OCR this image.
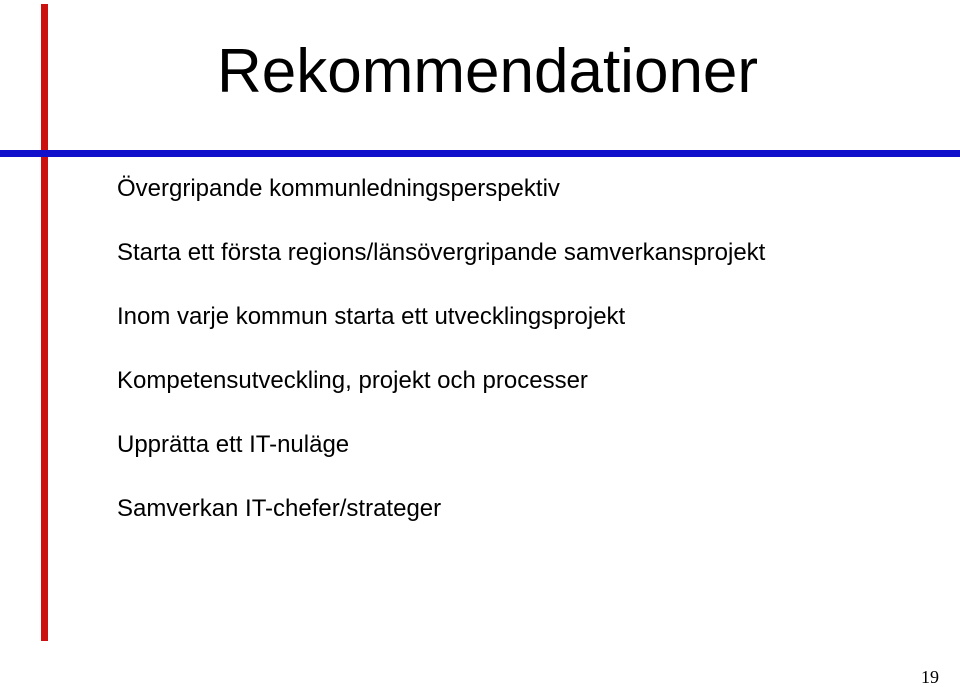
Rekommendationer
Övergripande kommunledningsperspektiv
Starta ett första regions/länsövergripande samverkansprojekt
Inom varje kommun starta ett utvecklingsprojekt
Kompetensutveckling, projekt och processer
Upprätta ett IT-nuläge
Samverkan IT-chefer/strateger
19
